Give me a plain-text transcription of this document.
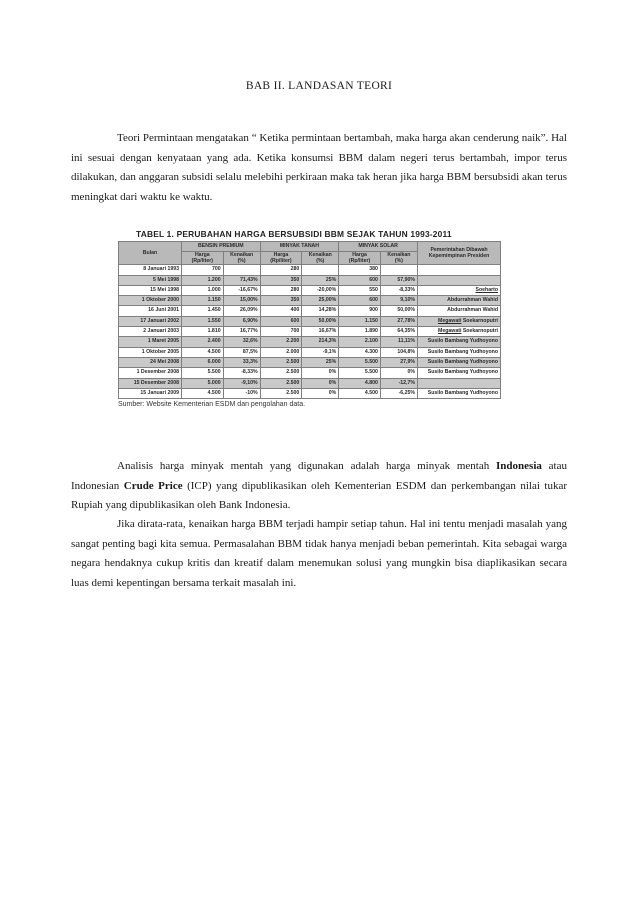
BAB II. LANDASAN TEORI

Teori Permintaan mengatakan “ Ketika permintaan bertambah, maka harga akan cenderung naik”. Hal ini sesuai dengan kenyataan yang ada. Ketika konsumsi BBM dalam negeri terus bertambah, impor terus dilakukan, dan anggaran subsidi selalu melebihi perkiraan maka tak heran jika harga BBM bersubsidi akan terus meningkat dari waktu ke waktu.

TABEL 1. PERUBAHAN HARGA BERSUBSIDI BBM SEJAK TAHUN 1993-2011
Bulan	BENSIN PREMIUM		MINYAK TANAH		MINYAK SOLAR		Pemerintahan Dibawah Kepemimpinan Presiden
	Harga (Rp/liter)	Kenaikan (%)	Harga (Rp/liter)	Kenaikan (%)	Harga (Rp/liter)	Kenaikan (%)	
8 Januari 1993	700		280		380		
5 Mei 1998	1.200	71,43%	350	25%	600	57,90%	
15 Mei 1998	1.000	-16,67%	280	-20,00%	550	-8,33%	Soeharto
1 Oktober 2000	1.150	15,00%	350	25,00%	600	9,10%	Abdurrahman Wahid
16 Juni 2001	1.450	26,09%	400	14,28%	900	50,00%	Abdurrahman Wahid
17 Januari 2002	1.550	6,90%	600	50,00%	1.150	27,78%	Megawati Soekarnoputri
2 Januari 2003	1.810	16,77%	700	16,67%	1.890	64,35%	Megawati Soekarnoputri
1 Maret 2005	2.400	32,6%	2.200	214,3%	2.100	11,11%	Susilo Bambang Yudhoyono
1 Oktober 2005	4.500	87,5%	2.000	-9,1%	4.300	104,8%	Susilo Bambang Yudhoyono
24 Mei 2008	6.000	33,3%	2.500	25%	5.500	27,9%	Susilo Bambang Yudhoyono
1 Desember 2008	5.500	-8,33%	2.500	0%	5.500	0%	Susilo Bambang Yudhoyono
15 Desember 2008	5.000	-9,10%	2.500	0%	4.800	-12,7%	
15 Januari 2009	4.500	-10%	2.500	0%	4.500	-6,25%	Susilo Bambang Yudhoyono
Sumber: Website Kementerian ESDM dan pengolahan data.

Analisis harga minyak mentah yang digunakan adalah harga minyak mentah Indonesia atau Indonesian Crude Price (ICP) yang dipublikasikan oleh Kementerian ESDM dan perkembangan nilai tukar Rupiah yang dipublikasikan oleh Bank Indonesia.

Jika dirata-rata, kenaikan harga BBM terjadi hampir setiap tahun. Hal ini tentu menjadi masalah yang sangat penting bagi kita semua. Permasalahan BBM tidak hanya menjadi beban pemerintah. Kita sebagai warga negara hendaknya cukup kritis dan kreatif dalam menemukan solusi yang mungkin bisa diaplikasikan secara luas demi kepentingan bersama terkait masalah ini.
